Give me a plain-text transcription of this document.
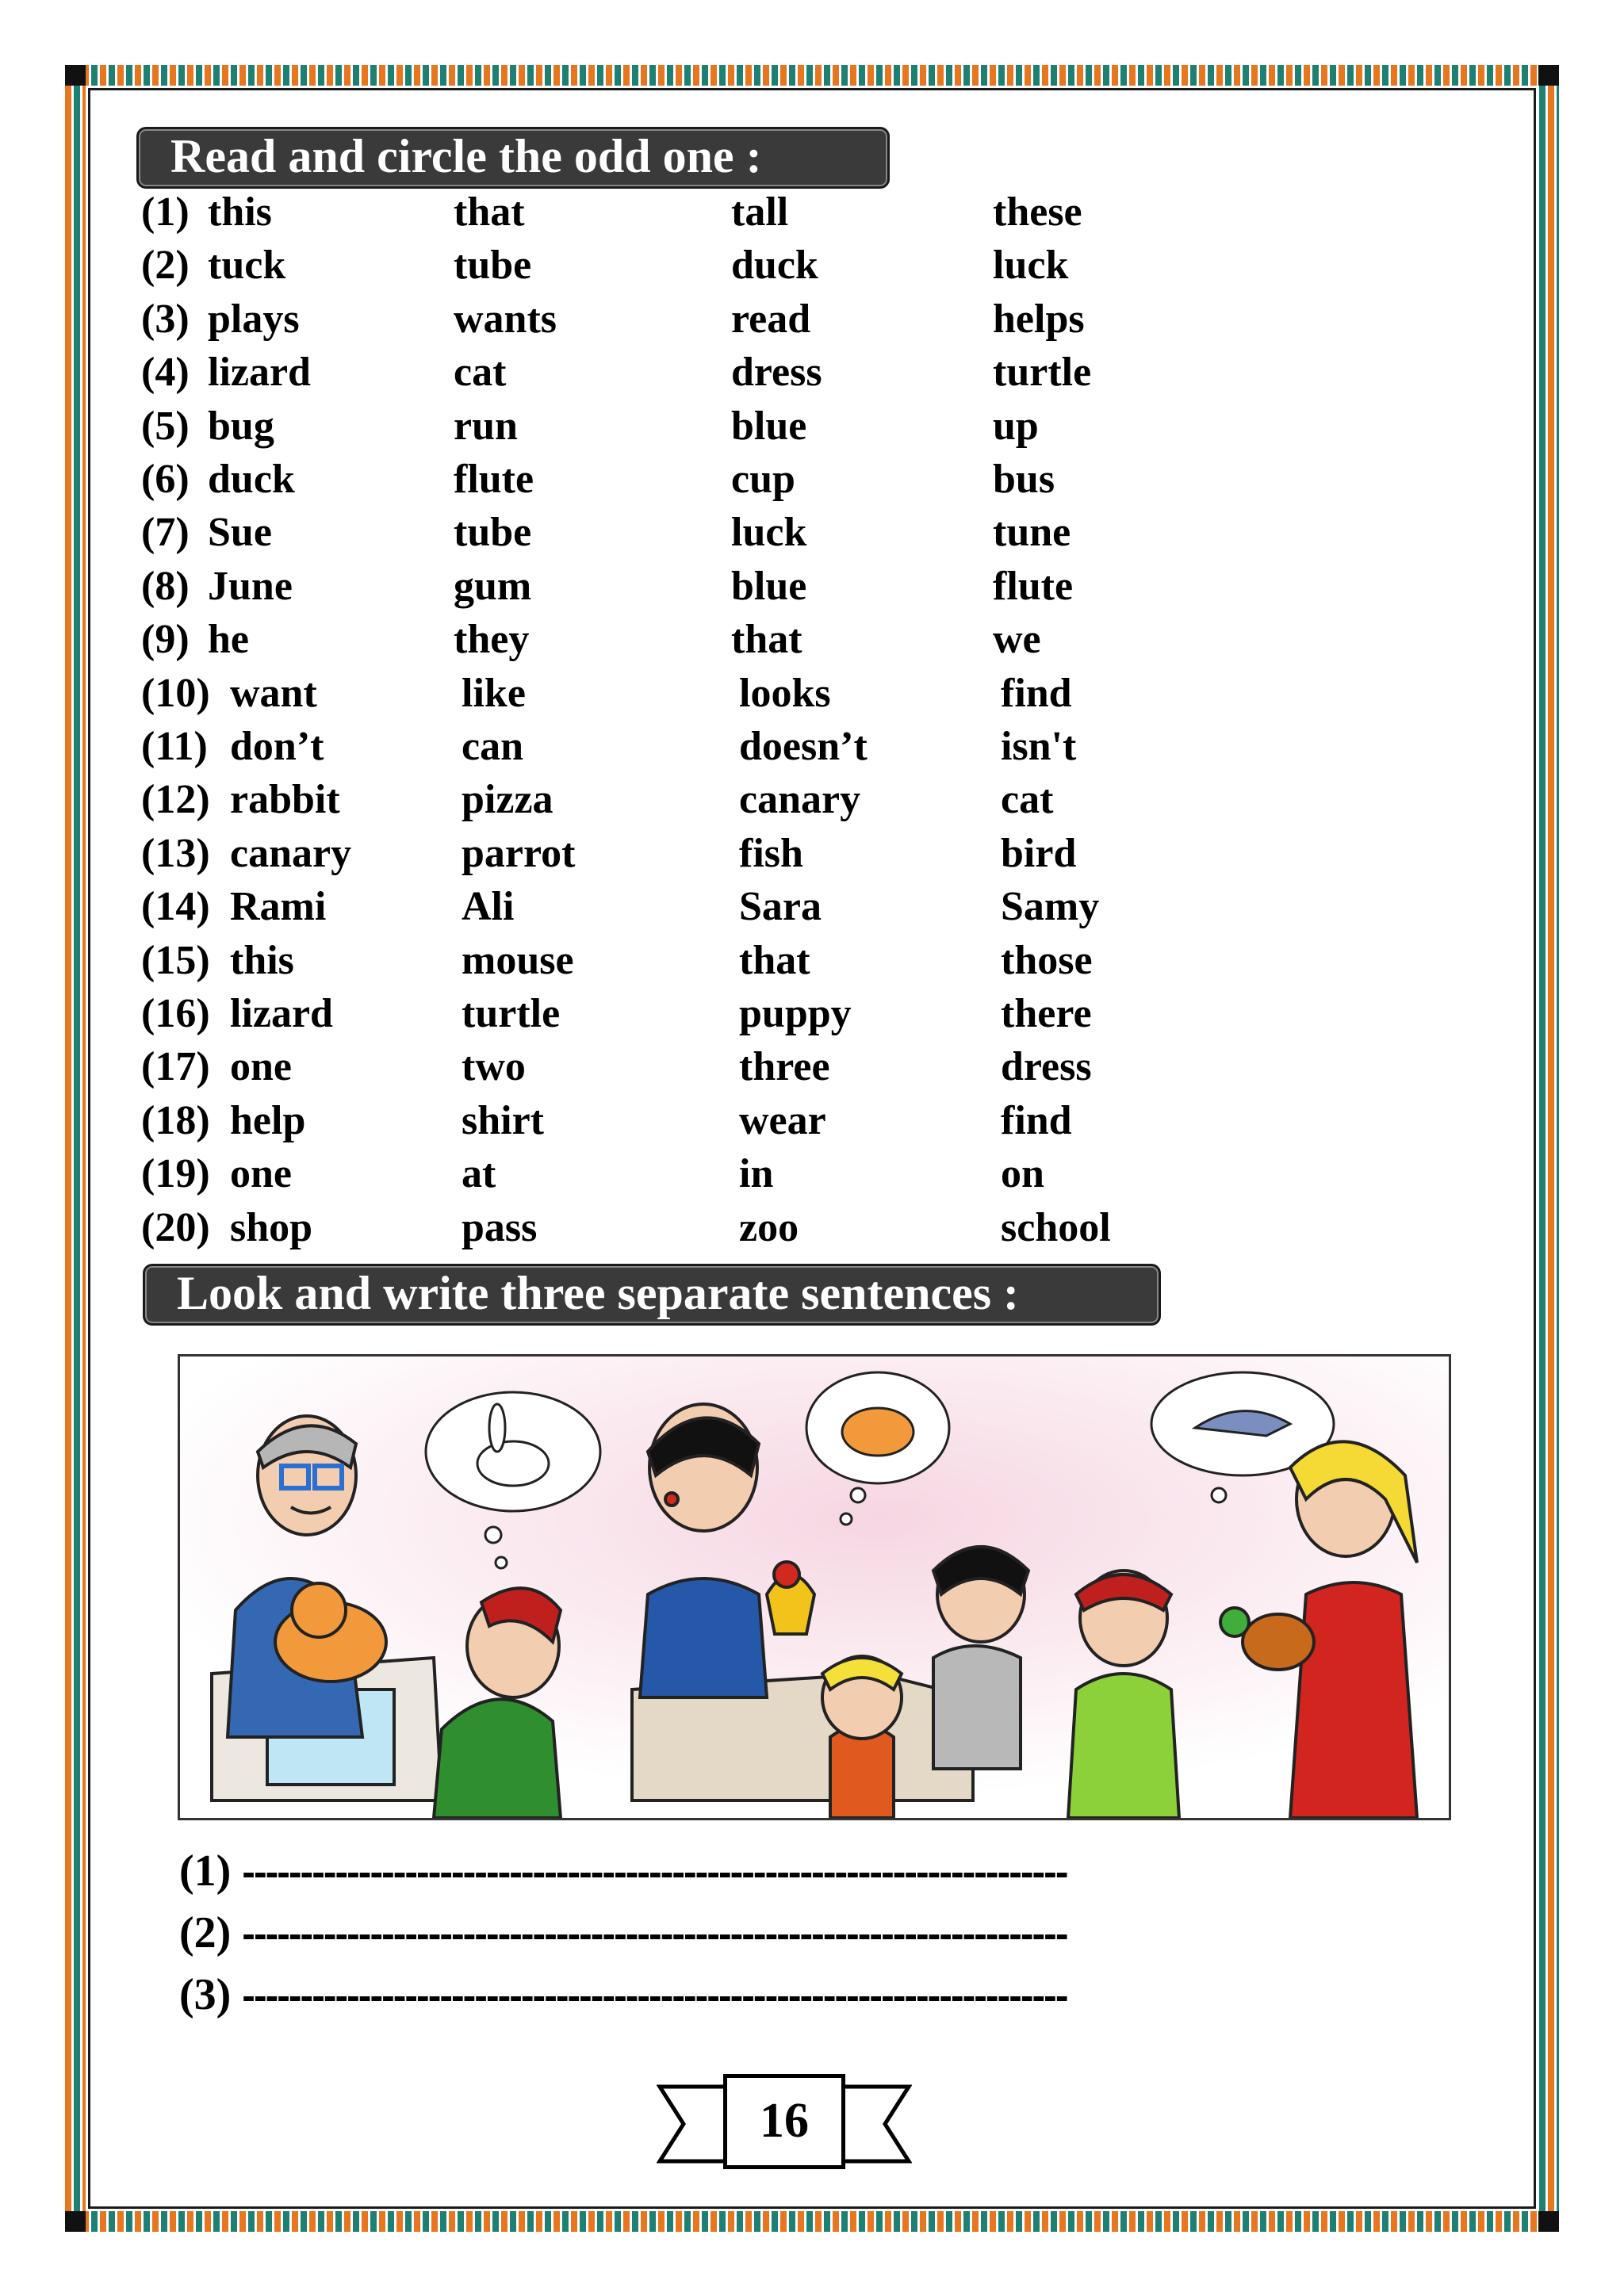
Read and circle the odd one :
(1) this	that	tall	these
(2) tuck	tube	duck	luck
(3) plays	wants	read	helps
(4) lizard	cat	dress	turtle
(5) bug	run	blue	up
(6) duck	flute	cup	bus
(7) Sue	tube	luck	tune
(8) June	gum	blue	flute
(9) he	they	that	we
(10) want	like	looks	find
(11) don’t	can	doesn’t	isn't
(12) rabbit	pizza	canary	cat
(13) canary	parrot	fish	bird
(14) Rami	Ali	Sara	Samy
(15) this	mouse	that	those
(16) lizard	turtle	puppy	there
(17) one	two	three	dress
(18) help	shirt	wear	find
(19) one	at	in	on
(20) shop	pass	zoo	school
Look and write three separate sentences :
(1) -----------------------------------------------------------------------
(2) -----------------------------------------------------------------------
(3) -----------------------------------------------------------------------
16
